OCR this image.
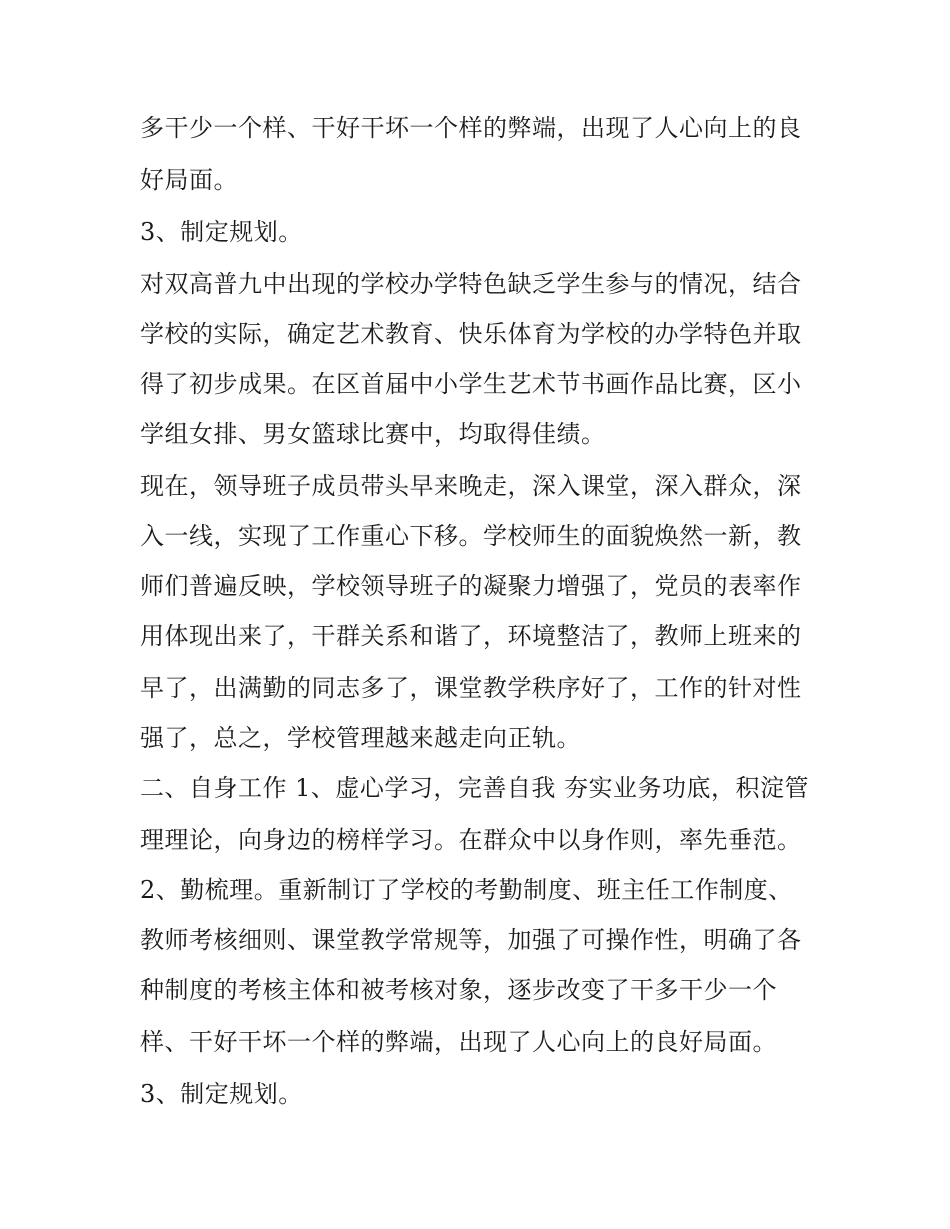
多干少一个样、干好干坏一个样的弊端，出现了人心向上的良
好局面。
3、制定规划。
对双高普九中出现的学校办学特色缺乏学生参与的情况，结合
学校的实际，确定艺术教育、快乐体育为学校的办学特色并取
得了初步成果。在区首届中小学生艺术节书画作品比赛，区小
学组女排、男女篮球比赛中，均取得佳绩。
现在，领导班子成员带头早来晚走，深入课堂，深入群众，深
入一线，实现了工作重心下移。学校师生的面貌焕然一新，教
师们普遍反映，学校领导班子的凝聚力增强了，党员的表率作
用体现出来了，干群关系和谐了，环境整洁了，教师上班来的
早了，出满勤的同志多了，课堂教学秩序好了，工作的针对性
强了，总之，学校管理越来越走向正轨。
二、自身工作 1、虚心学习，完善自我 夯实业务功底，积淀管
理理论，向身边的榜样学习。在群众中以身作则，率先垂范。
2、勤梳理。重新制订了学校的考勤制度、班主任工作制度、
教师考核细则、课堂教学常规等，加强了可操作性，明确了各
种制度的考核主体和被考核对象，逐步改变了干多干少一个
样、干好干坏一个样的弊端，出现了人心向上的良好局面。
3、制定规划。
